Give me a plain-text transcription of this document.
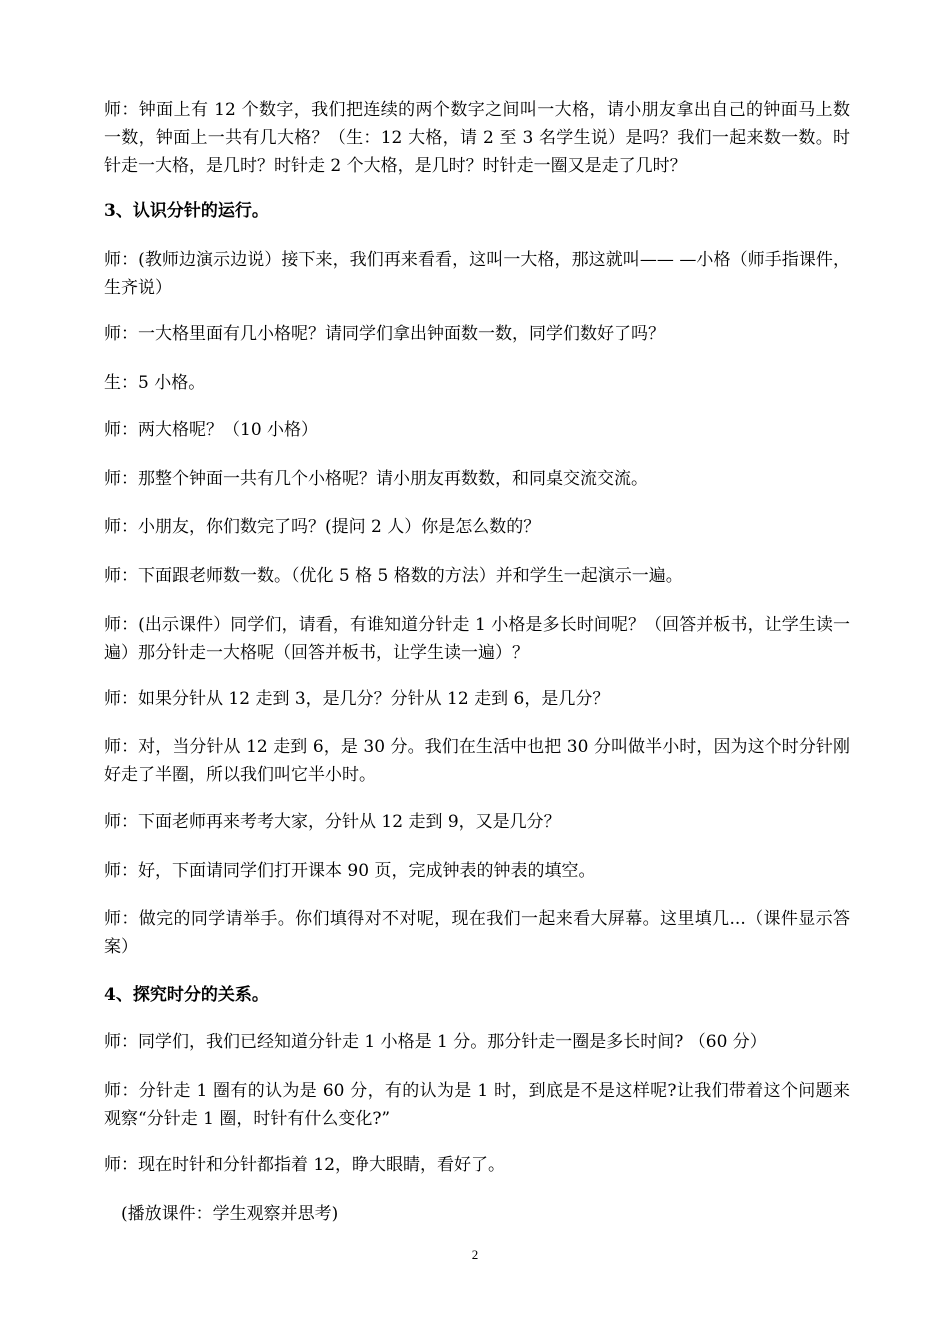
师：钟面上有 12 个数字，我们把连续的两个数字之间叫一大格，请小朋友拿出自己的钟面马上数一数，钟面上一共有几大格？（生：12 大格，请 2 至 3 名学生说）是吗？我们一起来数一数。时针走一大格，是几时？时针走 2 个大格，是几时？时针走一圈又是走了几时？

3、认识分针的运行。

师：(教师边演示边说）接下来，我们再来看看，这叫一大格，那这就叫—— —小格（师手指课件，生齐说）

师：一大格里面有几小格呢？请同学们拿出钟面数一数，同学们数好了吗？

生：5 小格。

师：两大格呢？（10 小格）

师：那整个钟面一共有几个小格呢？请小朋友再数数，和同桌交流交流。

师：小朋友，你们数完了吗？(提问 2 人）你是怎么数的？

师：下面跟老师数一数。（优化 5 格 5 格数的方法）并和学生一起演示一遍。

师：(出示课件）同学们，请看，有谁知道分针走 1 小格是多长时间呢？（回答并板书，让学生读一遍）那分针走一大格呢（回答并板书，让学生读一遍）？

师：如果分针从 12 走到 3，是几分？分针从 12 走到 6，是几分？

师：对，当分针从 12 走到 6，是 30 分。我们在生活中也把 30 分叫做半小时，因为这个时分针刚好走了半圈，所以我们叫它半小时。

师：下面老师再来考考大家，分针从 12 走到 9，又是几分？

师：好，下面请同学们打开课本 90 页，完成钟表的钟表的填空。

师：做完的同学请举手。你们填得对不对呢，现在我们一起来看大屏幕。这里填几...（课件显示答案）

4、探究时分的关系。

师：同学们，我们已经知道分针走 1 小格是 1 分。那分针走一圈是多长时间? （60 分）

师：分针走 1 圈有的认为是 60 分，有的认为是 1 时，到底是不是这样呢?让我们带着这个问题来观察“分针走 1 圈，时针有什么变化?”

师：现在时针和分针都指着 12，睁大眼睛，看好了。

(播放课件：学生观察并思考)

2
